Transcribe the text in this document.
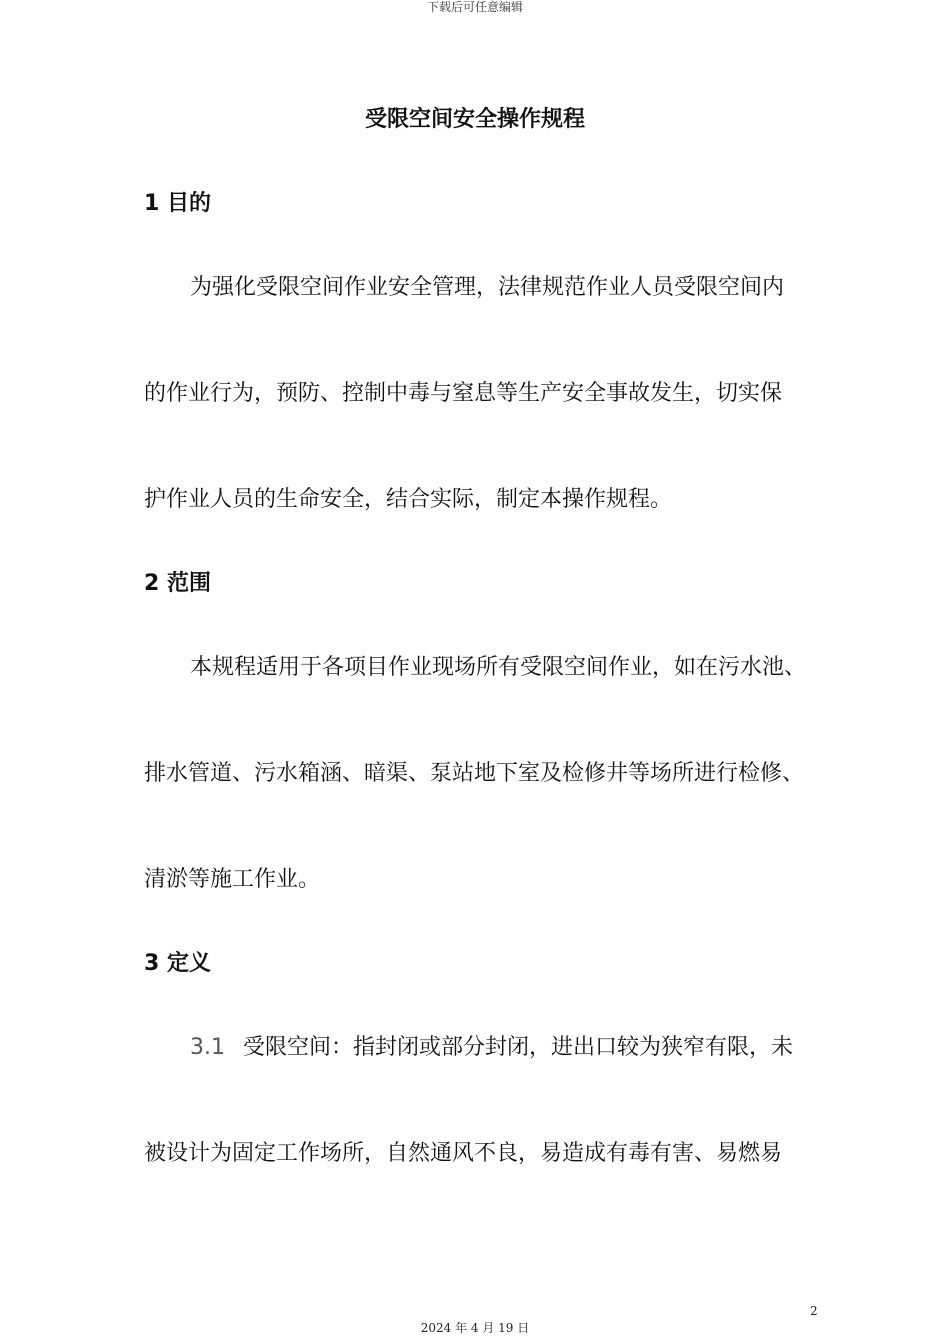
下载后可任意编辑
受限空间安全操作规程
1 目的

为强化受限空间作业安全管理，法律规范作业人员受限空间内

的作业行为，预防、控制中毒与窒息等生产安全事故发生，切实保

护作业人员的生命安全，结合实际，制定本操作规程。

2 范围

本规程适用于各项目作业现场所有受限空间作业，如在污水池、

排水管道、污水箱涵、暗渠、泵站地下室及检修井等场所进行检修、

清淤等施工作业。

3 定义

3.1 受限空间：指封闭或部分封闭，进出口较为狭窄有限，未

被设计为固定工作场所，自然通风不良，易造成有毒有害、易燃易

2
2024 年 4 月 19 日
